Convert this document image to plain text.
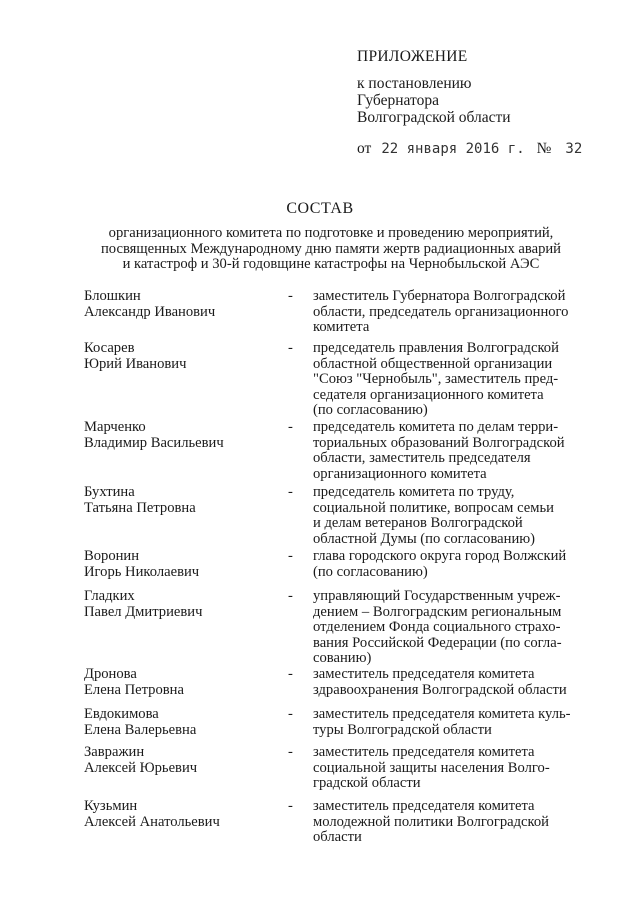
ПРИЛОЖЕНИЕ
к постановлению
Губернатора
Волгоградской области
от 22 января 2016 г. № 32
СОСТАВ
организационного комитета по подготовке и проведению мероприятий,
посвященных Международному дню памяти жертв радиационных аварий
и катастроф и 30-й годовщине катастрофы на Чернобыльской АЭС
Блошкин
Александр Иванович
-	заместитель Губернатора Волгоградской
области, председатель организационного
комитета
Косарев
Юрий Иванович
-	председатель правления Волгоградской
областной общественной организации
"Союз "Чернобыль", заместитель пред-
седателя организационного комитета
(по согласованию)
Марченко
Владимир Васильевич
-	председатель комитета по делам терри-
ториальных образований Волгоградской
области, заместитель председателя
организационного комитета
Бухтина
Татьяна Петровна
-	председатель комитета по труду,
социальной политике, вопросам семьи
и делам ветеранов Волгоградской
областной Думы (по согласованию)
Воронин
Игорь Николаевич
-	глава городского округа город Волжский
(по согласованию)
Гладких
Павел Дмитриевич
-	управляющий Государственным учреж-
дением – Волгоградским региональным
отделением Фонда социального страхо-
вания Российской Федерации (по согла-
сованию)
Дронова
Елена Петровна
-	заместитель председателя комитета
здравоохранения Волгоградской области
Евдокимова
Елена Валерьевна
-	заместитель председателя комитета куль-
туры Волгоградской области
Завражин
Алексей Юрьевич
-	заместитель председателя комитета
социальной защиты населения Волго-
градской области
Кузьмин
Алексей Анатольевич
-	заместитель председателя комитета
молодежной политики Волгоградской
области
